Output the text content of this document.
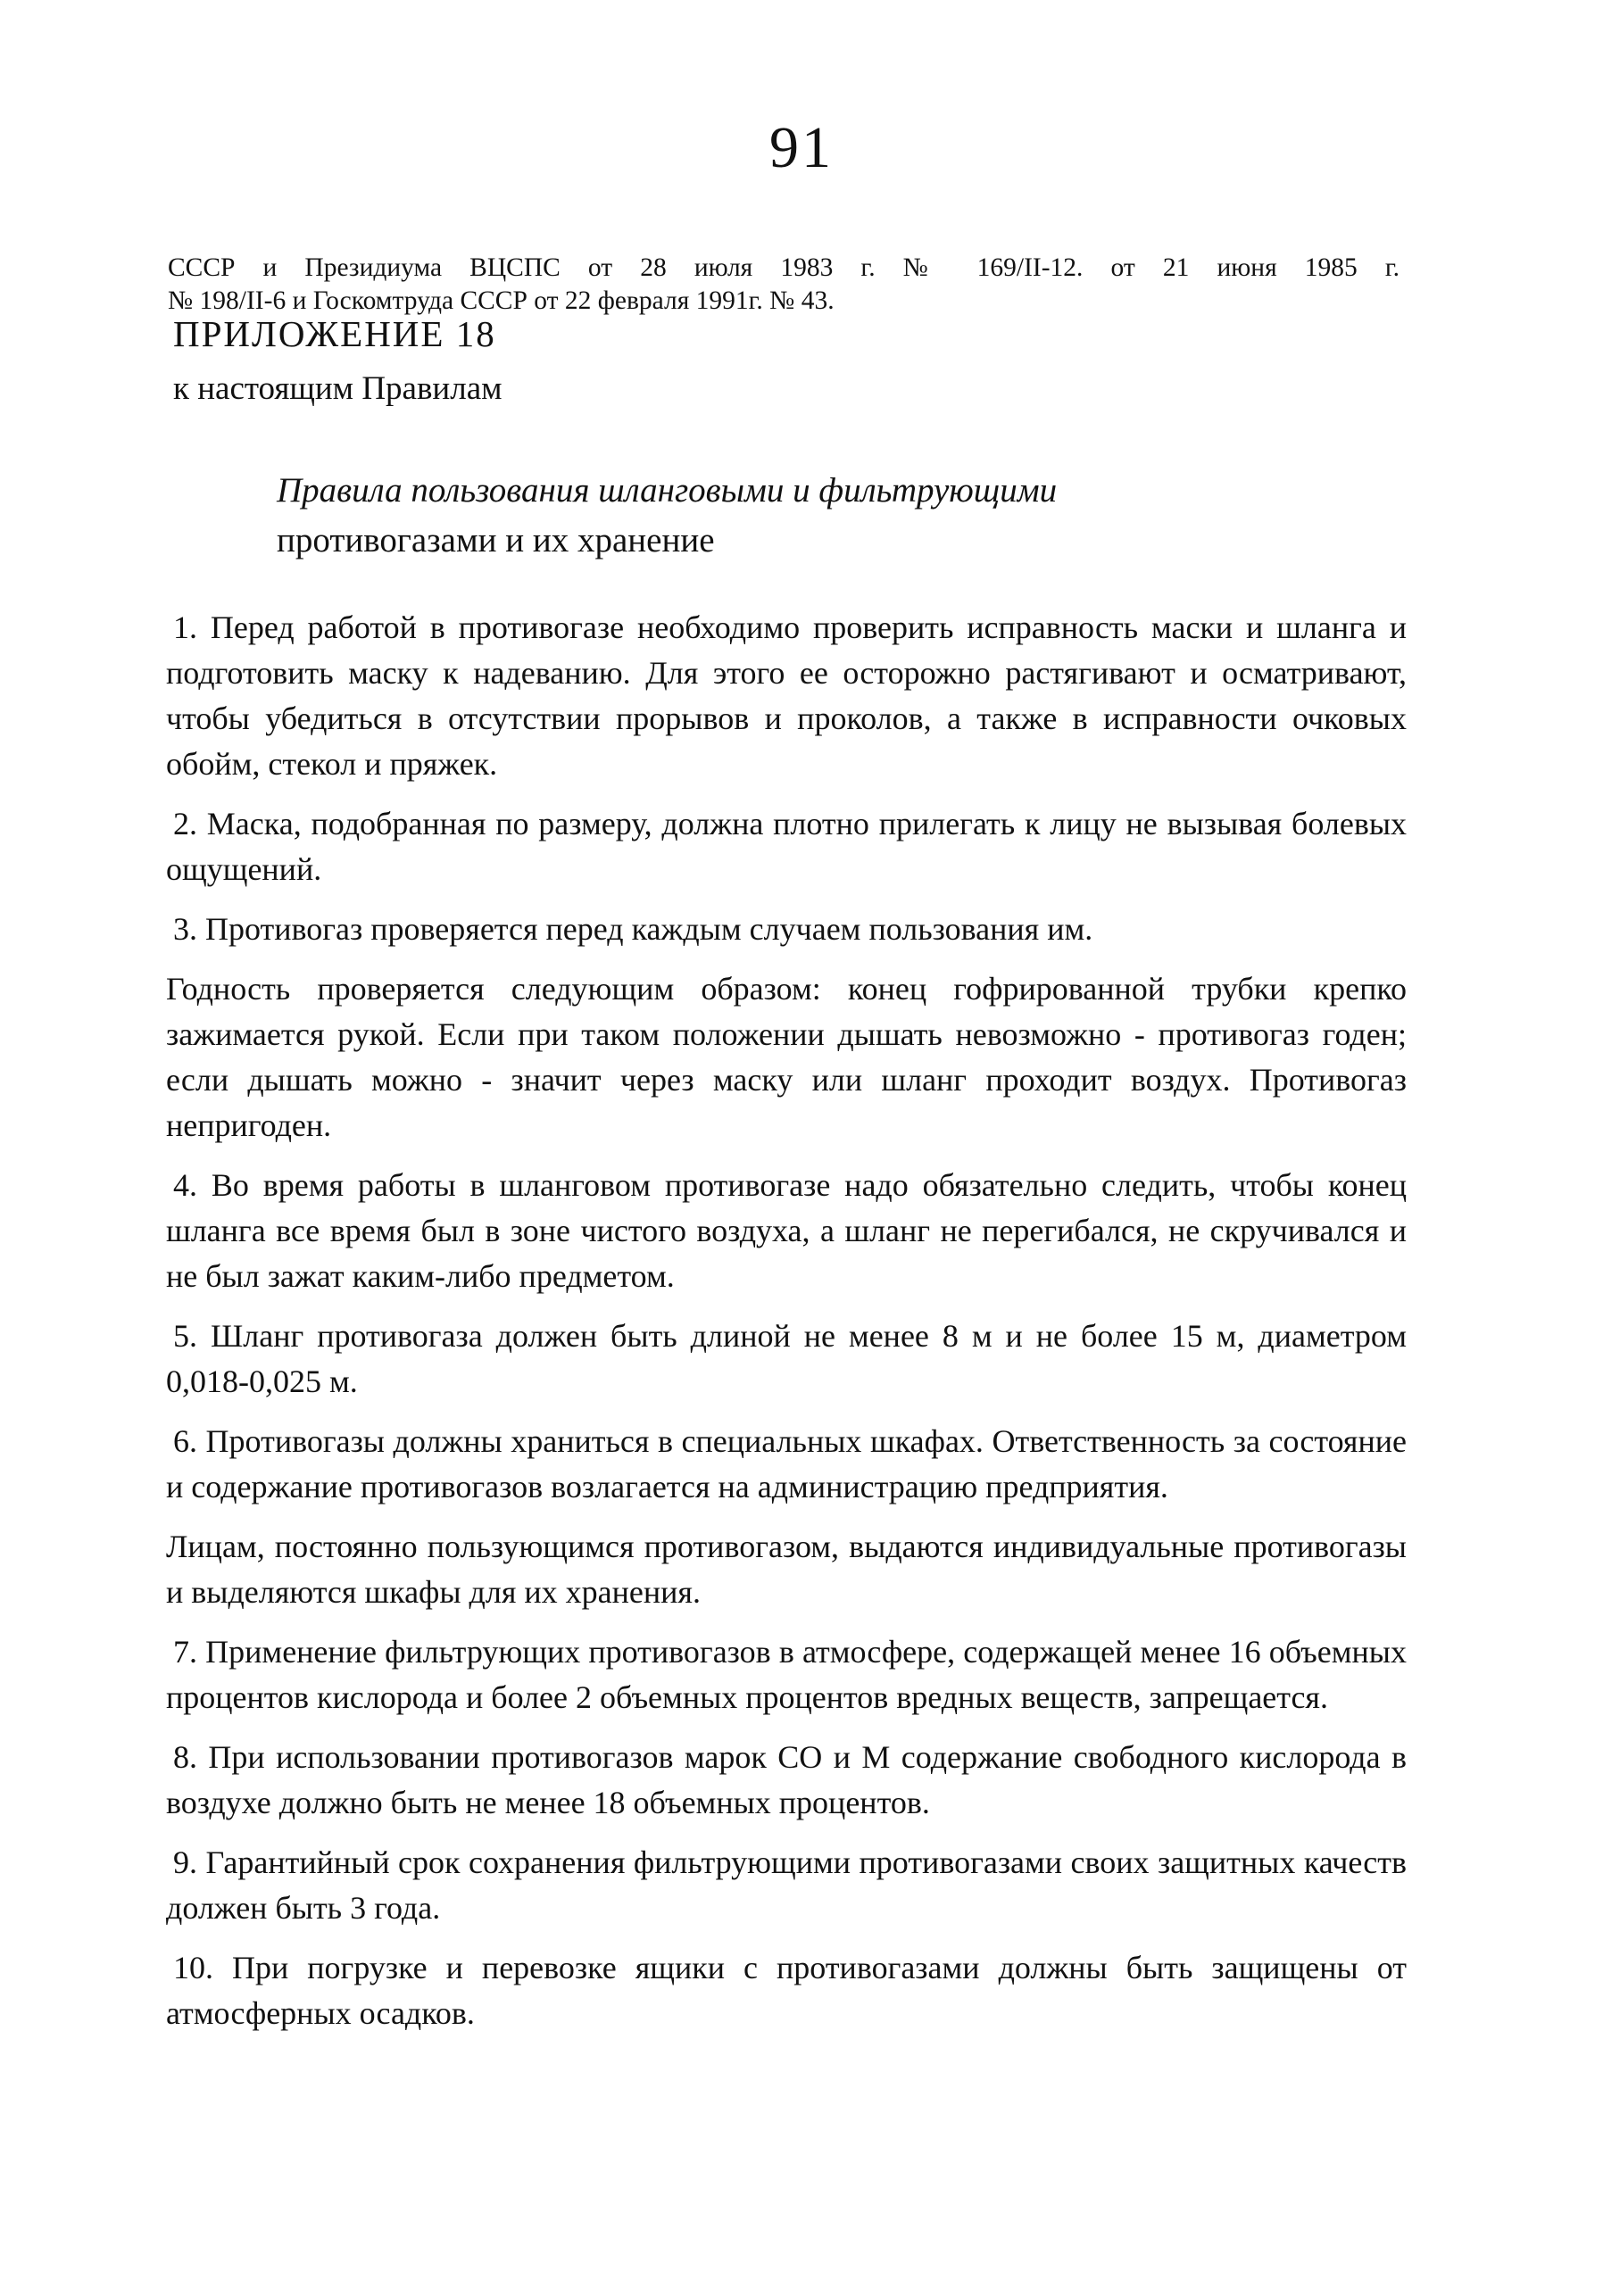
91
СССР и Президиума ВЦСПС от 28 июля 1983 г. № 169/II-12. от 21 июня 1985 г.
№ 198/II-6 и Госкомтруда СССР от 22 февраля 1991г. № 43.
ПРИЛОЖЕНИЕ 18
к настоящим Правилам
Правила пользования шланговыми и фильтрующими
противогазами и их хранение

1. Перед работой в противогазе необходимо проверить исправность маски и шланга и подготовить маску к надеванию. Для этого ее осторожно растягивают и осматривают, чтобы убедиться в отсутствии прорывов и проколов, а также в исправности очковых обойм, стекол и пряжек.

2. Маска, подобранная по размеру, должна плотно прилегать к лицу не вызывая болевых ощущений.

3. Противогаз проверяется перед каждым случаем пользования им.

Годность проверяется следующим образом: конец гофрированной трубки крепко зажимается рукой. Если при таком положении дышать невозможно - противогаз годен; если дышать можно - значит через маску или шланг проходит воздух. Противогаз непригоден.

4. Во время работы в шланговом противогазе надо обязательно следить, чтобы конец шланга все время был в зоне чистого воздуха, а шланг не перегибался, не скручивался и не был зажат каким-либо предметом.

5. Шланг противогаза должен быть длиной не менее 8 м и не более 15 м, диаметром 0,018-0,025 м.

6. Противогазы должны храниться в специальных шкафах. Ответственность за состояние и содержание противогазов возлагается на администрацию предприятия.

Лицам, постоянно пользующимся противогазом, выдаются индивидуальные противогазы и выделяются шкафы для их хранения.

7. Применение фильтрующих противогазов в атмосфере, содержащей менее 16 объемных процентов кислорода и более 2 объемных процентов вредных веществ, запрещается.

8. При использовании противогазов марок СО и М содержание свободного кислорода в воздухе должно быть не менее 18 объемных процентов.

9. Гарантийный срок сохранения фильтрующими противогазами своих защитных качеств должен быть 3 года.

10. При погрузке и перевозке ящики с противогазами должны быть защищены от атмосферных осадков.
